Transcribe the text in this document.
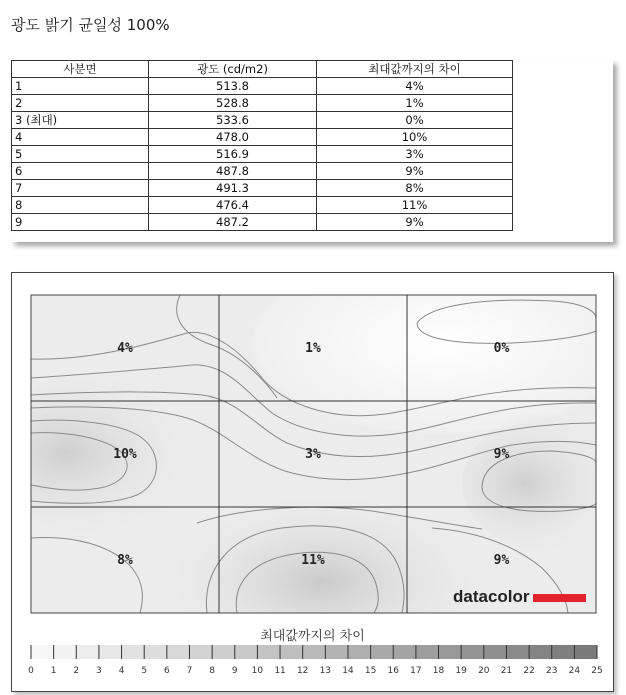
광도 밝기 균일성 100%
사분면	광도 (cd/m2)	최대값까지의 차이
1	513.8	4%
2	528.8	1%
3 (최대)	533.6	0%
4	478.0	10%
5	516.9	3%
6	487.8	9%
7	491.3	8%
8	476.4	11%
9	487.2	9%
4%	1%	0%
10%	3%	9%
8%	11%	9%
datacolor
0 1 2 3 4 5 6 7 8 9 10 11 12 13 14 15 16 17 18 19 20 21 22 23 24 25
최대값까지의 차이
